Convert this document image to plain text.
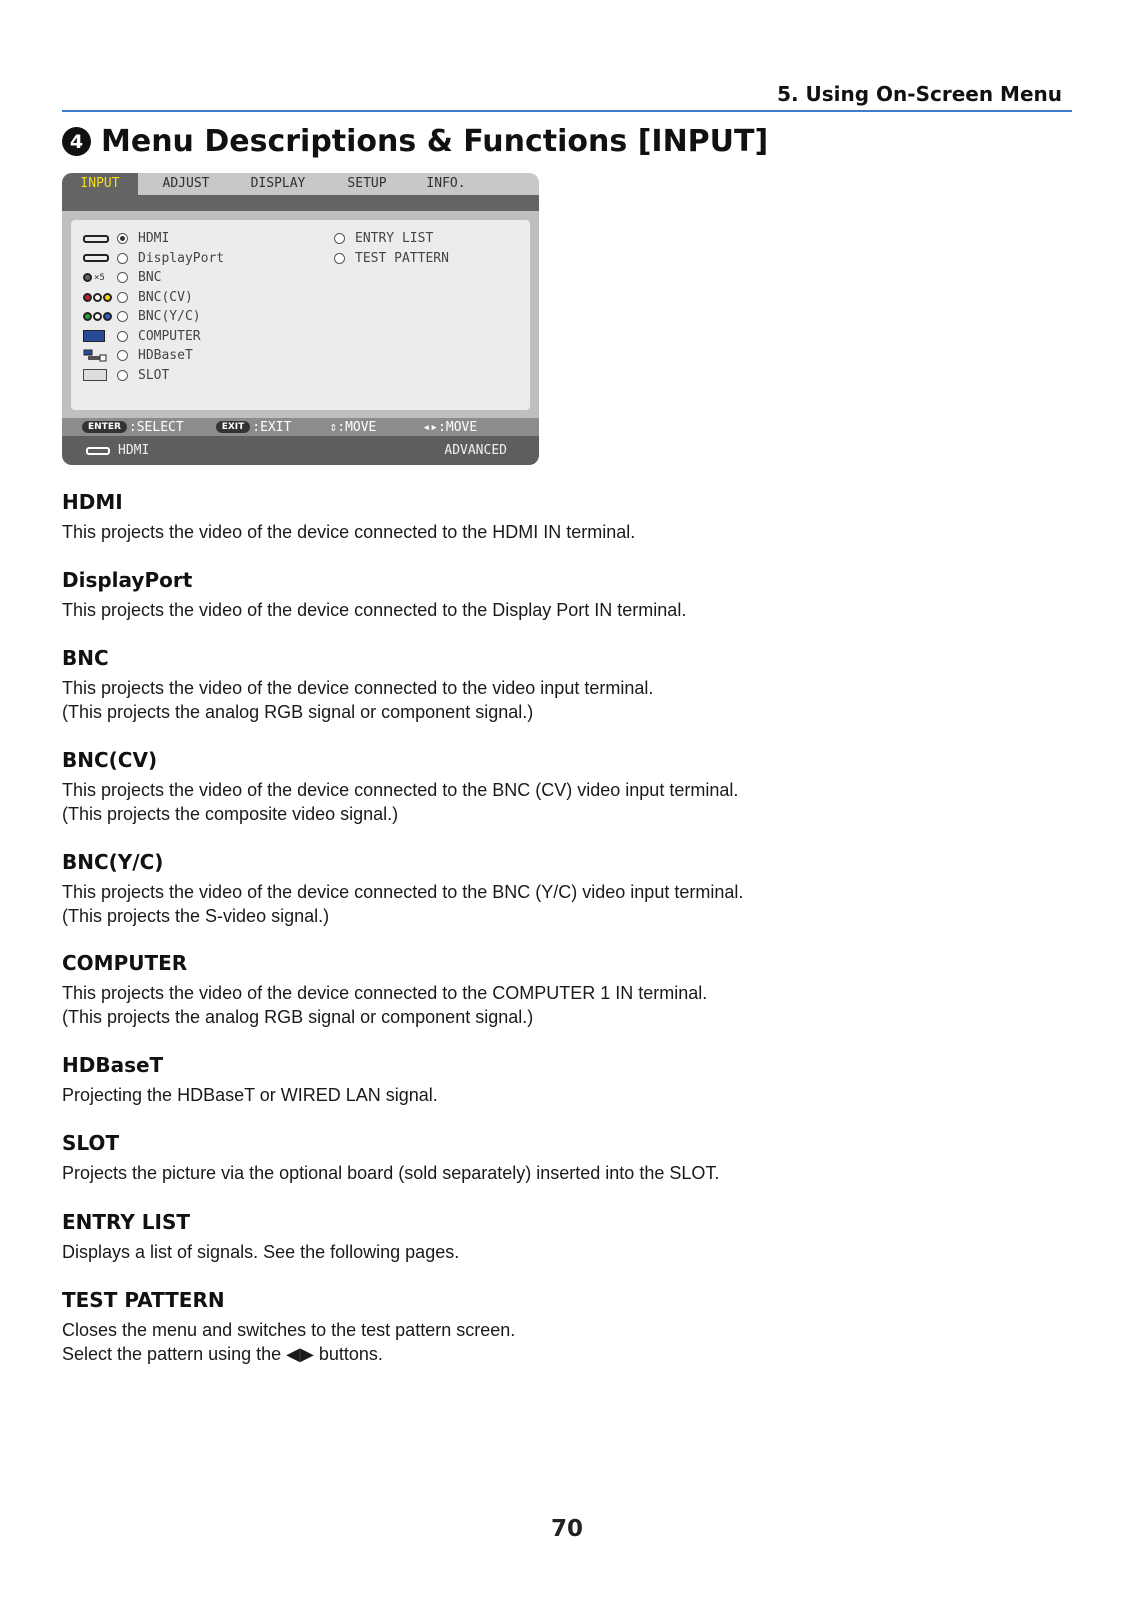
5. Using On-Screen Menu
4 Menu Descriptions & Functions [INPUT]
INPUT	ADJUST	DISPLAY	SETUP	INFO.
HDMI
DisplayPort
×5	BNC
BNC(CV)
BNC(Y/C)
COMPUTER
HDBaseT
SLOT
ENTRY LIST
TEST PATTERN
ENTER :SELECT	EXIT :EXIT	⇕:MOVE	◂▸:MOVE
HDMI	ADVANCED
HDMI

This projects the video of the device connected to the HDMI IN terminal.

DisplayPort

This projects the video of the device connected to the Display Port IN terminal.

BNC

This projects the video of the device connected to the video input terminal.
(This projects the analog RGB signal or component signal.)

BNC(CV)

This projects the video of the device connected to the BNC (CV) video input terminal.
(This projects the composite video signal.)

BNC(Y/C)

This projects the video of the device connected to the BNC (Y/C) video input terminal.
(This projects the S-video signal.)

COMPUTER

This projects the video of the device connected to the COMPUTER 1 IN terminal.
(This projects the analog RGB signal or component signal.)

HDBaseT

Projecting the HDBaseT or WIRED LAN signal.

SLOT

Projects the picture via the optional board (sold separately) inserted into the SLOT.

ENTRY LIST

Displays a list of signals. See the following pages.

TEST PATTERN

Closes the menu and switches to the test pattern screen.
Select the pattern using the ◀▶ buttons.

70
